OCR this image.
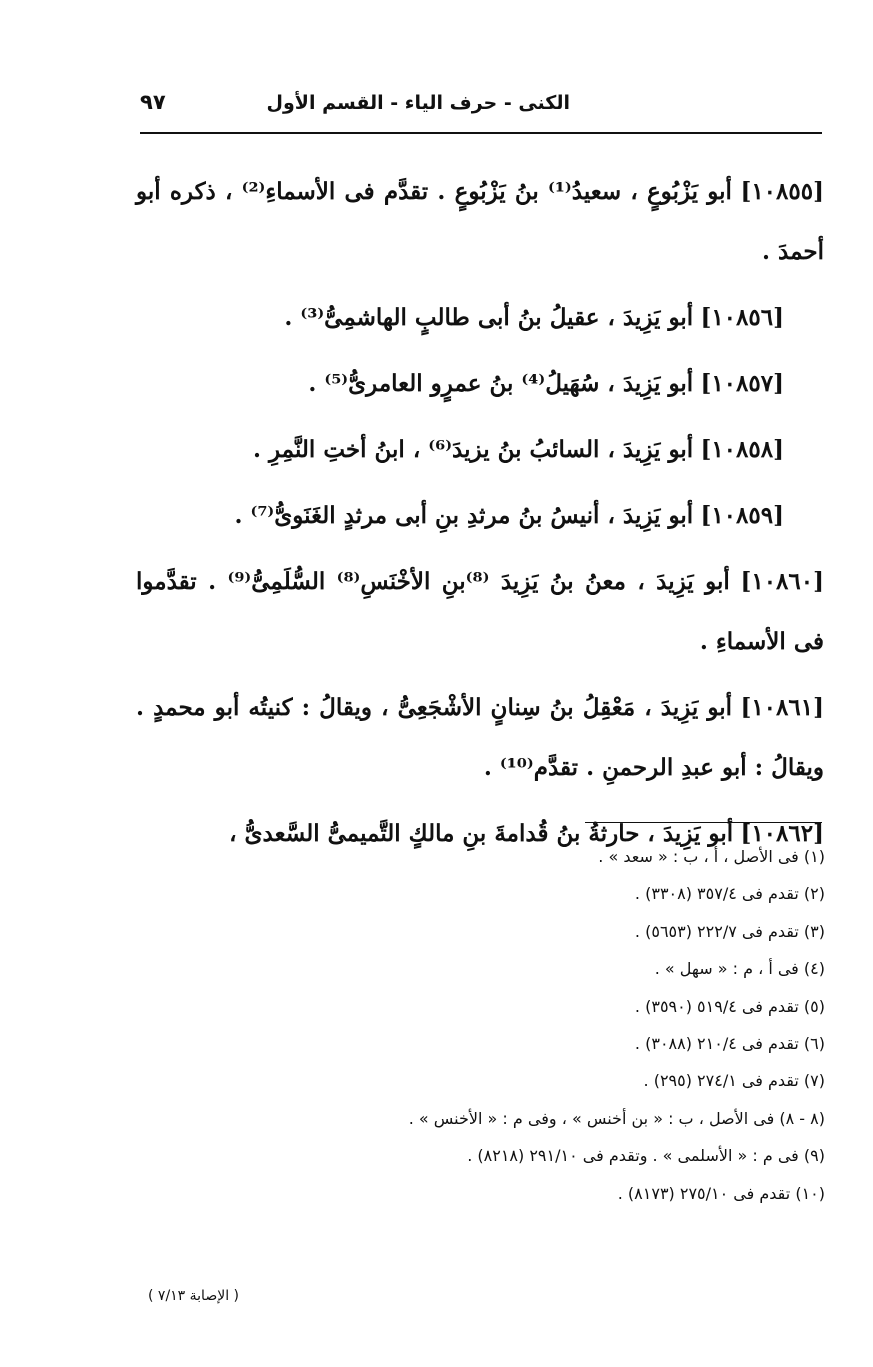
الكنى - حرف الياء - القسم الأول
٩٧

[١٠٨٥٥] أبو يَزْبُوعٍ ، سعيدُ⁽¹⁾ بنُ يَزْبُوعٍ . تقدَّم فى الأسماءِ⁽²⁾ ، ذكره أبو أحمدَ .

[١٠٨٥٦] أبو يَزِيدَ ، عقيلُ بنُ أبى طالبٍ الهاشمِىُّ⁽³⁾ .

[١٠٨٥٧] أبو يَزِيدَ ، سُهَيلُ⁽⁴⁾ بنُ عمرٍو العامرىُّ⁽⁵⁾ .

[١٠٨٥٨] أبو يَزِيدَ ، السائبُ بنُ يزيدَ⁽⁶⁾ ، ابنُ أختِ النَّمِرِ .

[١٠٨٥٩] أبو يَزِيدَ ، أنيسُ بنُ مرثدِ بنِ أبى مرثدٍ الغَنَوىُّ⁽⁷⁾ .

[١٠٨٦٠] أبو يَزِيدَ ، معنُ بنُ يَزِيدَ ⁽⁸⁾بنِ الأخْنَسِ⁽⁸⁾ السُّلَمِىُّ⁽⁹⁾ . تقدَّموا فى الأسماءِ .

[١٠٨٦١] أبو يَزِيدَ ، مَعْقِلُ بنُ سِنانٍ الأشْجَعِىُّ ، ويقالُ : كنيتُه أبو محمدٍ . ويقالُ : أبو عبدِ الرحمنِ . تقدَّم⁽¹⁰⁾ .

[١٠٨٦٢] أبو يَزِيدَ ، حارثةُ بنُ قُدامةَ بنِ مالكٍ التَّميمىُّ السَّعدىُّ ،

(١) فى الأصل ، أ ، ب : « سعد » .
(٢) تقدم فى ٣٥٧/٤ (٣٣٠٨) .
(٣) تقدم فى ٢٢٢/٧ (٥٦٥٣) .
(٤) فى أ ، م : « سهل » .
(٥) تقدم فى ٥١٩/٤ (٣٥٩٠) .
(٦) تقدم فى ٢١٠/٤ (٣٠٨٨) .
(٧) تقدم فى ٢٧٤/١ (٢٩٥) .
(٨ - ٨) فى الأصل ، ب : « بن أخنس » ، وفى م : « الأخنس » .
(٩) فى م : « الأسلمى » . وتقدم فى ٢٩١/١٠ (٨٢١٨) .
(١٠) تقدم فى ٢٧٥/١٠ (٨١٧٣) .
( الإصابة ٧/١٣ )
